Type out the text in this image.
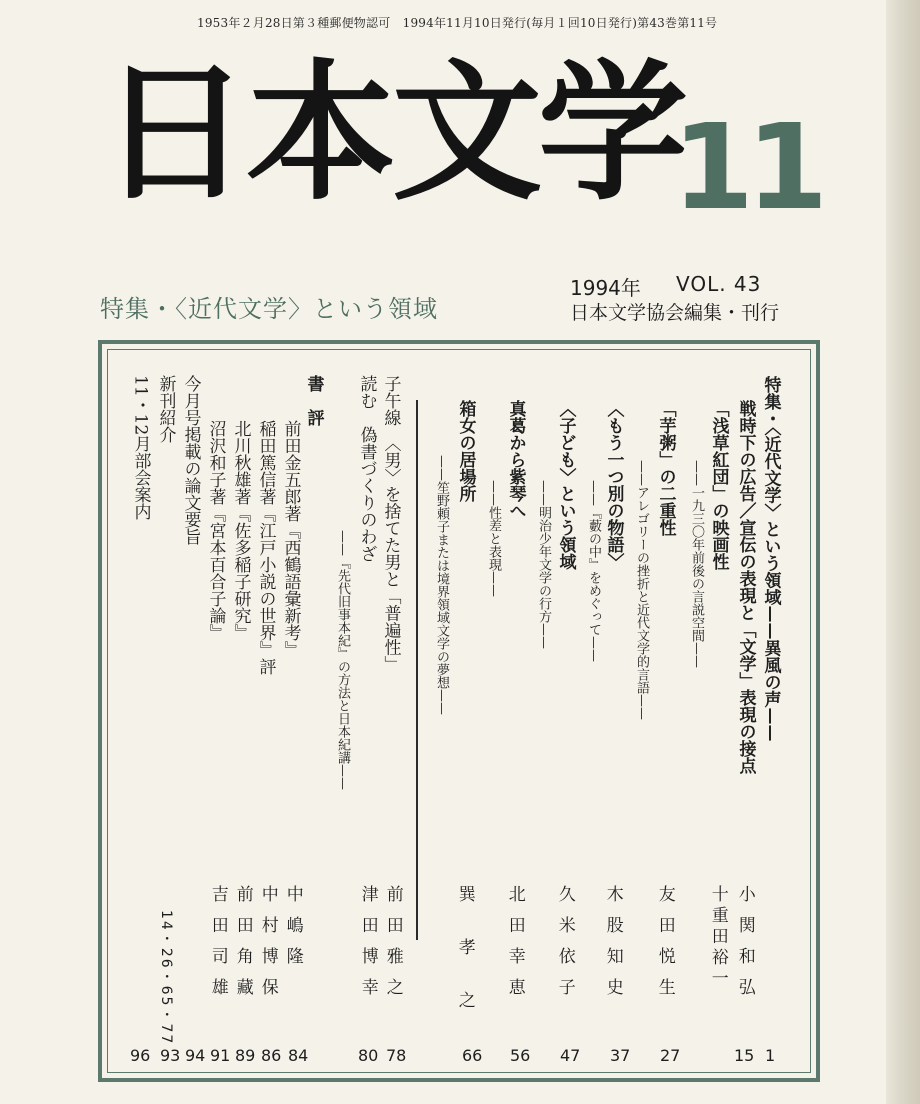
1953年２月28日第３種郵便物認可　1994年11月10日発行(毎月１回10日発行)第43巻第11号
日本文学
11
1994年 VOL. 43
日本文学協会編集・刊行
特集・〈近代文学〉という領域
特集・〈近代文学〉という領域——異風の声——
戦時下の広告／宣伝の表現と「文学」表現の接点
小関和弘
1
「浅草紅団」の映画性
——一九三〇年前後の言説空間——
十重田裕一
15
「芋粥」の二重性
——アレゴリーの挫折と近代文学的言語——
友田悦生
27
〈もう一つ別の物語〉
——『藪の中』をめぐって——
木股知史
37
〈子ども〉という領域
——明治少年文学の行方——
久米依子
47
真葛から紫琴へ
——性差と表現——
北田幸恵
56
箱女の居場所
——笙野頼子または境界領域文学の夢想——
巽孝之
66
子午線　〈男〉を捨てた男と「普遍性」
前田雅之
78
読む　偽書づくりのわざ
——『先代旧事本紀』の方法と日本紀講——
津田博幸
80
書　評
前田金五郎著『西鶴語彙新考』
中嶋隆
84
稲田篤信著『江戸小説の世界』評
中村博保
86
北川秋雄著『佐多稲子研究』
前田角藏
89
沼沢和子著『宮本百合子論』
吉田司雄
91
今月号掲載の論文要旨
94
新刊紹介
14・26・65・77
93
11・12月部会案内
96
